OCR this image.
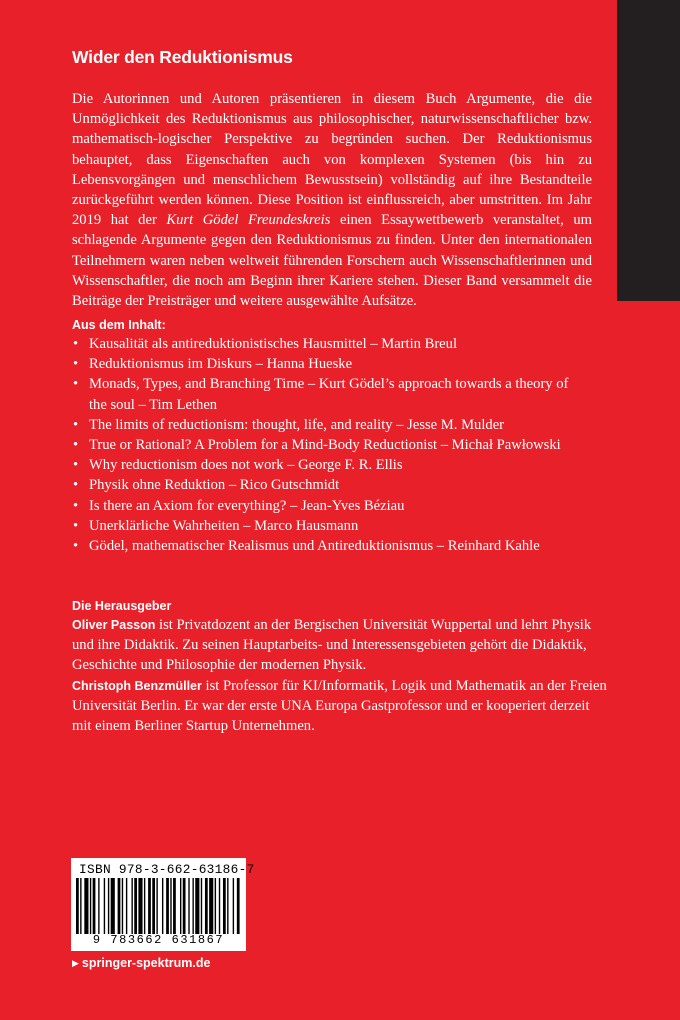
Wider den Reduktionismus
Die Autorinnen und Autoren präsentieren in diesem Buch Argumente, die die Unmöglichkeit des Reduktionismus aus philosophischer, naturwissenschaftlicher bzw. mathematisch-logischer Perspektive zu begründen suchen. Der Reduktionismus behauptet, dass Eigenschaften auch von komplexen Systemen (bis hin zu Lebensvorgängen und menschlichem Bewusstsein) vollständig auf ihre Bestandteile zurückgeführt werden können. Diese Position ist einflussreich, aber umstritten. Im Jahr 2019 hat der Kurt Gödel Freundeskreis einen Essaywettbewerb veranstaltet, um schlagende Argumente gegen den Reduktionismus zu finden. Unter den internationalen Teilnehmern waren neben weltweit führenden Forschern auch Wissenschaftlerinnen und Wissenschaftler, die noch am Beginn ihrer Kariere stehen. Dieser Band versammelt die Beiträge der Preisträger und weitere ausgewählte Aufsätze.
Aus dem Inhalt:
• Kausalität als antireduktionistisches Hausmittel – Martin Breul
• Reduktionismus im Diskurs – Hanna Hueske
• Monads, Types, and Branching Time – Kurt Gödel’s approach towards a theory of the soul – Tim Lethen
• The limits of reductionism: thought, life, and reality – Jesse M. Mulder
• True or Rational? A Problem for a Mind-Body Reductionist – Michał Pawłowski
• Why reductionism does not work – George F. R. Ellis
• Physik ohne Reduktion – Rico Gutschmidt
• Is there an Axiom for everything? – Jean-Yves Béziau
• Unerklärliche Wahrheiten – Marco Hausmann
• Gödel, mathematischer Realismus und Antireduktionismus – Reinhard Kahle
Die Herausgeber
Oliver Passon ist Privatdozent an der Bergischen Universität Wuppertal und lehrt Physik und ihre Didaktik. Zu seinen Hauptarbeits- und Interessensgebieten gehört die Didaktik, Geschichte und Philosophie der modernen Physik.
Christoph Benzmüller ist Professor für KI/Informatik, Logik und Mathematik an der Freien Universität Berlin. Er war der erste UNA Europa Gastprofessor und er kooperiert derzeit mit einem Berliner Startup Unternehmen.
ISBN 978-3-662-63186-7
9 783662 631867
▶ springer-spektrum.de
